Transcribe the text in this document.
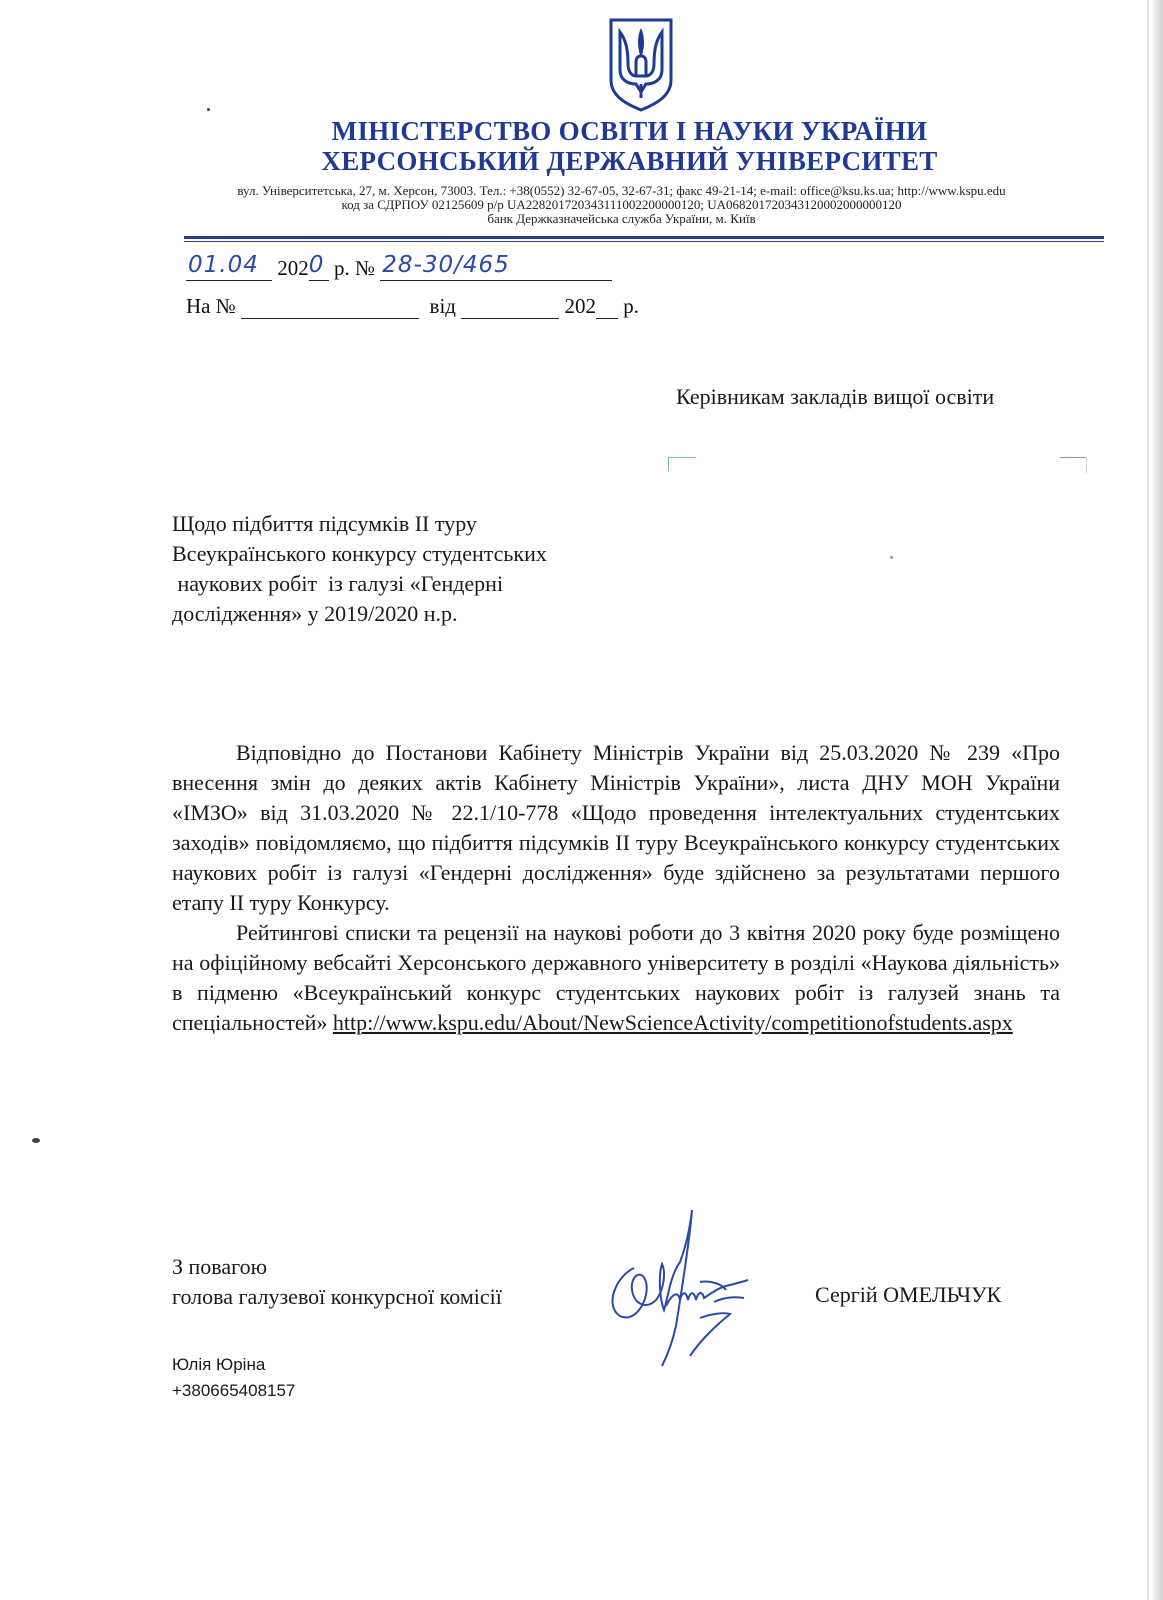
МІНІСТЕРСТВО ОСВІТИ І НАУКИ УКРАЇНИ
ХЕРСОНСЬКИЙ ДЕРЖАВНИЙ УНІВЕРСИТЕТ
вул. Університетська, 27, м. Херсон, 73003. Тел.: +38(0552) 32-67-05, 32-67-31; факс 49-21-14; e-mail: office@ksu.ks.ua; http://www.kspu.edu
код за СДРПОУ 02125609 р/р UA228201720343111002200000120; UA068201720343120002000000120
банк Держказначейська служба України, м. Київ
01.04 202 0 р. № 28-30/465
На №	від	202 р.
Керівникам закладів вищої освіти
Щодо підбиття підсумків ІІ туру
Всеукраїнського конкурсу студентських
наукових робіт  із галузі «Гендерні
дослідження» у 2019/2020 н.р.

Відповідно до Постанови Кабінету Міністрів України від 25.03.2020 № 239 «Про внесення змін до деяких актів Кабінету Міністрів України», листа ДНУ МОН України «ІМЗО» від 31.03.2020 № 22.1/10-778 «Щодо проведення інтелектуальних студентських заходів» повідомляємо, що підбиття підсумків ІІ туру Всеукраїнського конкурсу студентських наукових робіт із галузі «Гендерні дослідження» буде здійснено за результатами першого етапу ІІ туру Конкурсу.

Рейтингові списки та рецензії на наукові роботи до 3 квітня 2020 року буде розміщено на офіційному вебсайті Херсонського державного університету в розділі «Наукова діяльність» в підменю «Всеукраїнський конкурс студентських наукових робіт із галузей знань та спеціальностей» http://www.kspu.edu/About/NewScienceActivity/competitionofstudents.aspx

З повагою
голова галузевої конкурсної комісії	Сергій ОМЕЛЬЧУК
Юлія Юріна
+380665408157
